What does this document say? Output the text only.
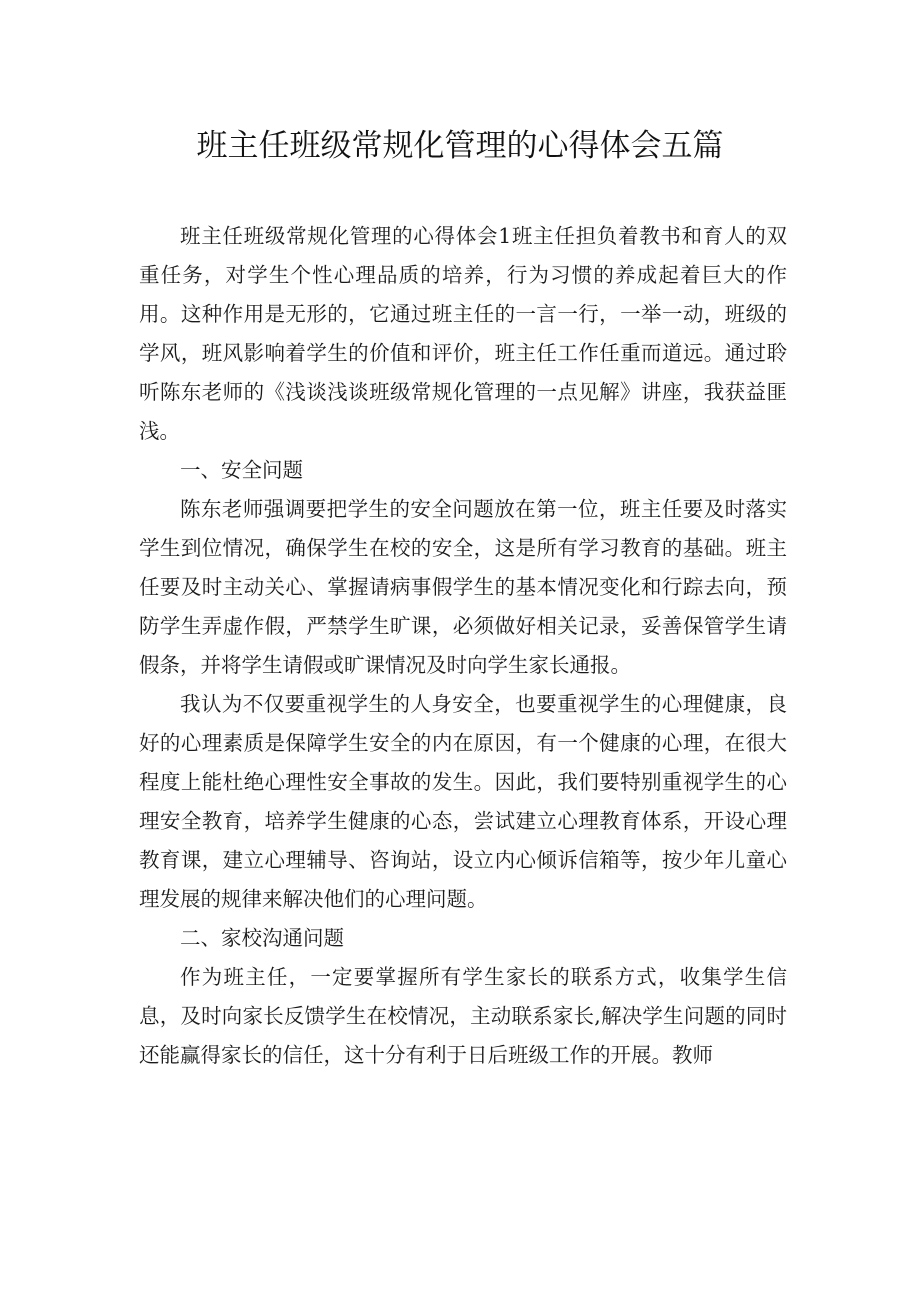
班主任班级常规化管理的心得体会五篇

班主任班级常规化管理的心得体会1班主任担负着教书和育人的双重任务，对学生个性心理品质的培养，行为习惯的养成起着巨大的作用。这种作用是无形的，它通过班主任的一言一行，一举一动，班级的学风，班风影响着学生的价值和评价，班主任工作任重而道远。通过聆听陈东老师的《浅谈浅谈班级常规化管理的一点见解》讲座，我获益匪浅。

一、安全问题

陈东老师强调要把学生的安全问题放在第一位，班主任要及时落实学生到位情况，确保学生在校的安全，这是所有学习教育的基础。班主任要及时主动关心、掌握请病事假学生的基本情况变化和行踪去向，预防学生弄虚作假，严禁学生旷课，必须做好相关记录，妥善保管学生请假条，并将学生请假或旷课情况及时向学生家长通报。

我认为不仅要重视学生的人身安全，也要重视学生的心理健康，良好的心理素质是保障学生安全的内在原因，有一个健康的心理，在很大程度上能杜绝心理性安全事故的发生。因此，我们要特别重视学生的心理安全教育，培养学生健康的心态，尝试建立心理教育体系，开设心理教育课，建立心理辅导、咨询站，设立内心倾诉信箱等，按少年儿童心理发展的规律来解决他们的心理问题。

二、家校沟通问题

作为班主任，一定要掌握所有学生家长的联系方式，收集学生信息，及时向家长反馈学生在校情况，主动联系家长,解决学生问题的同时还能赢得家长的信任，这十分有利于日后班级工作的开展。教师
